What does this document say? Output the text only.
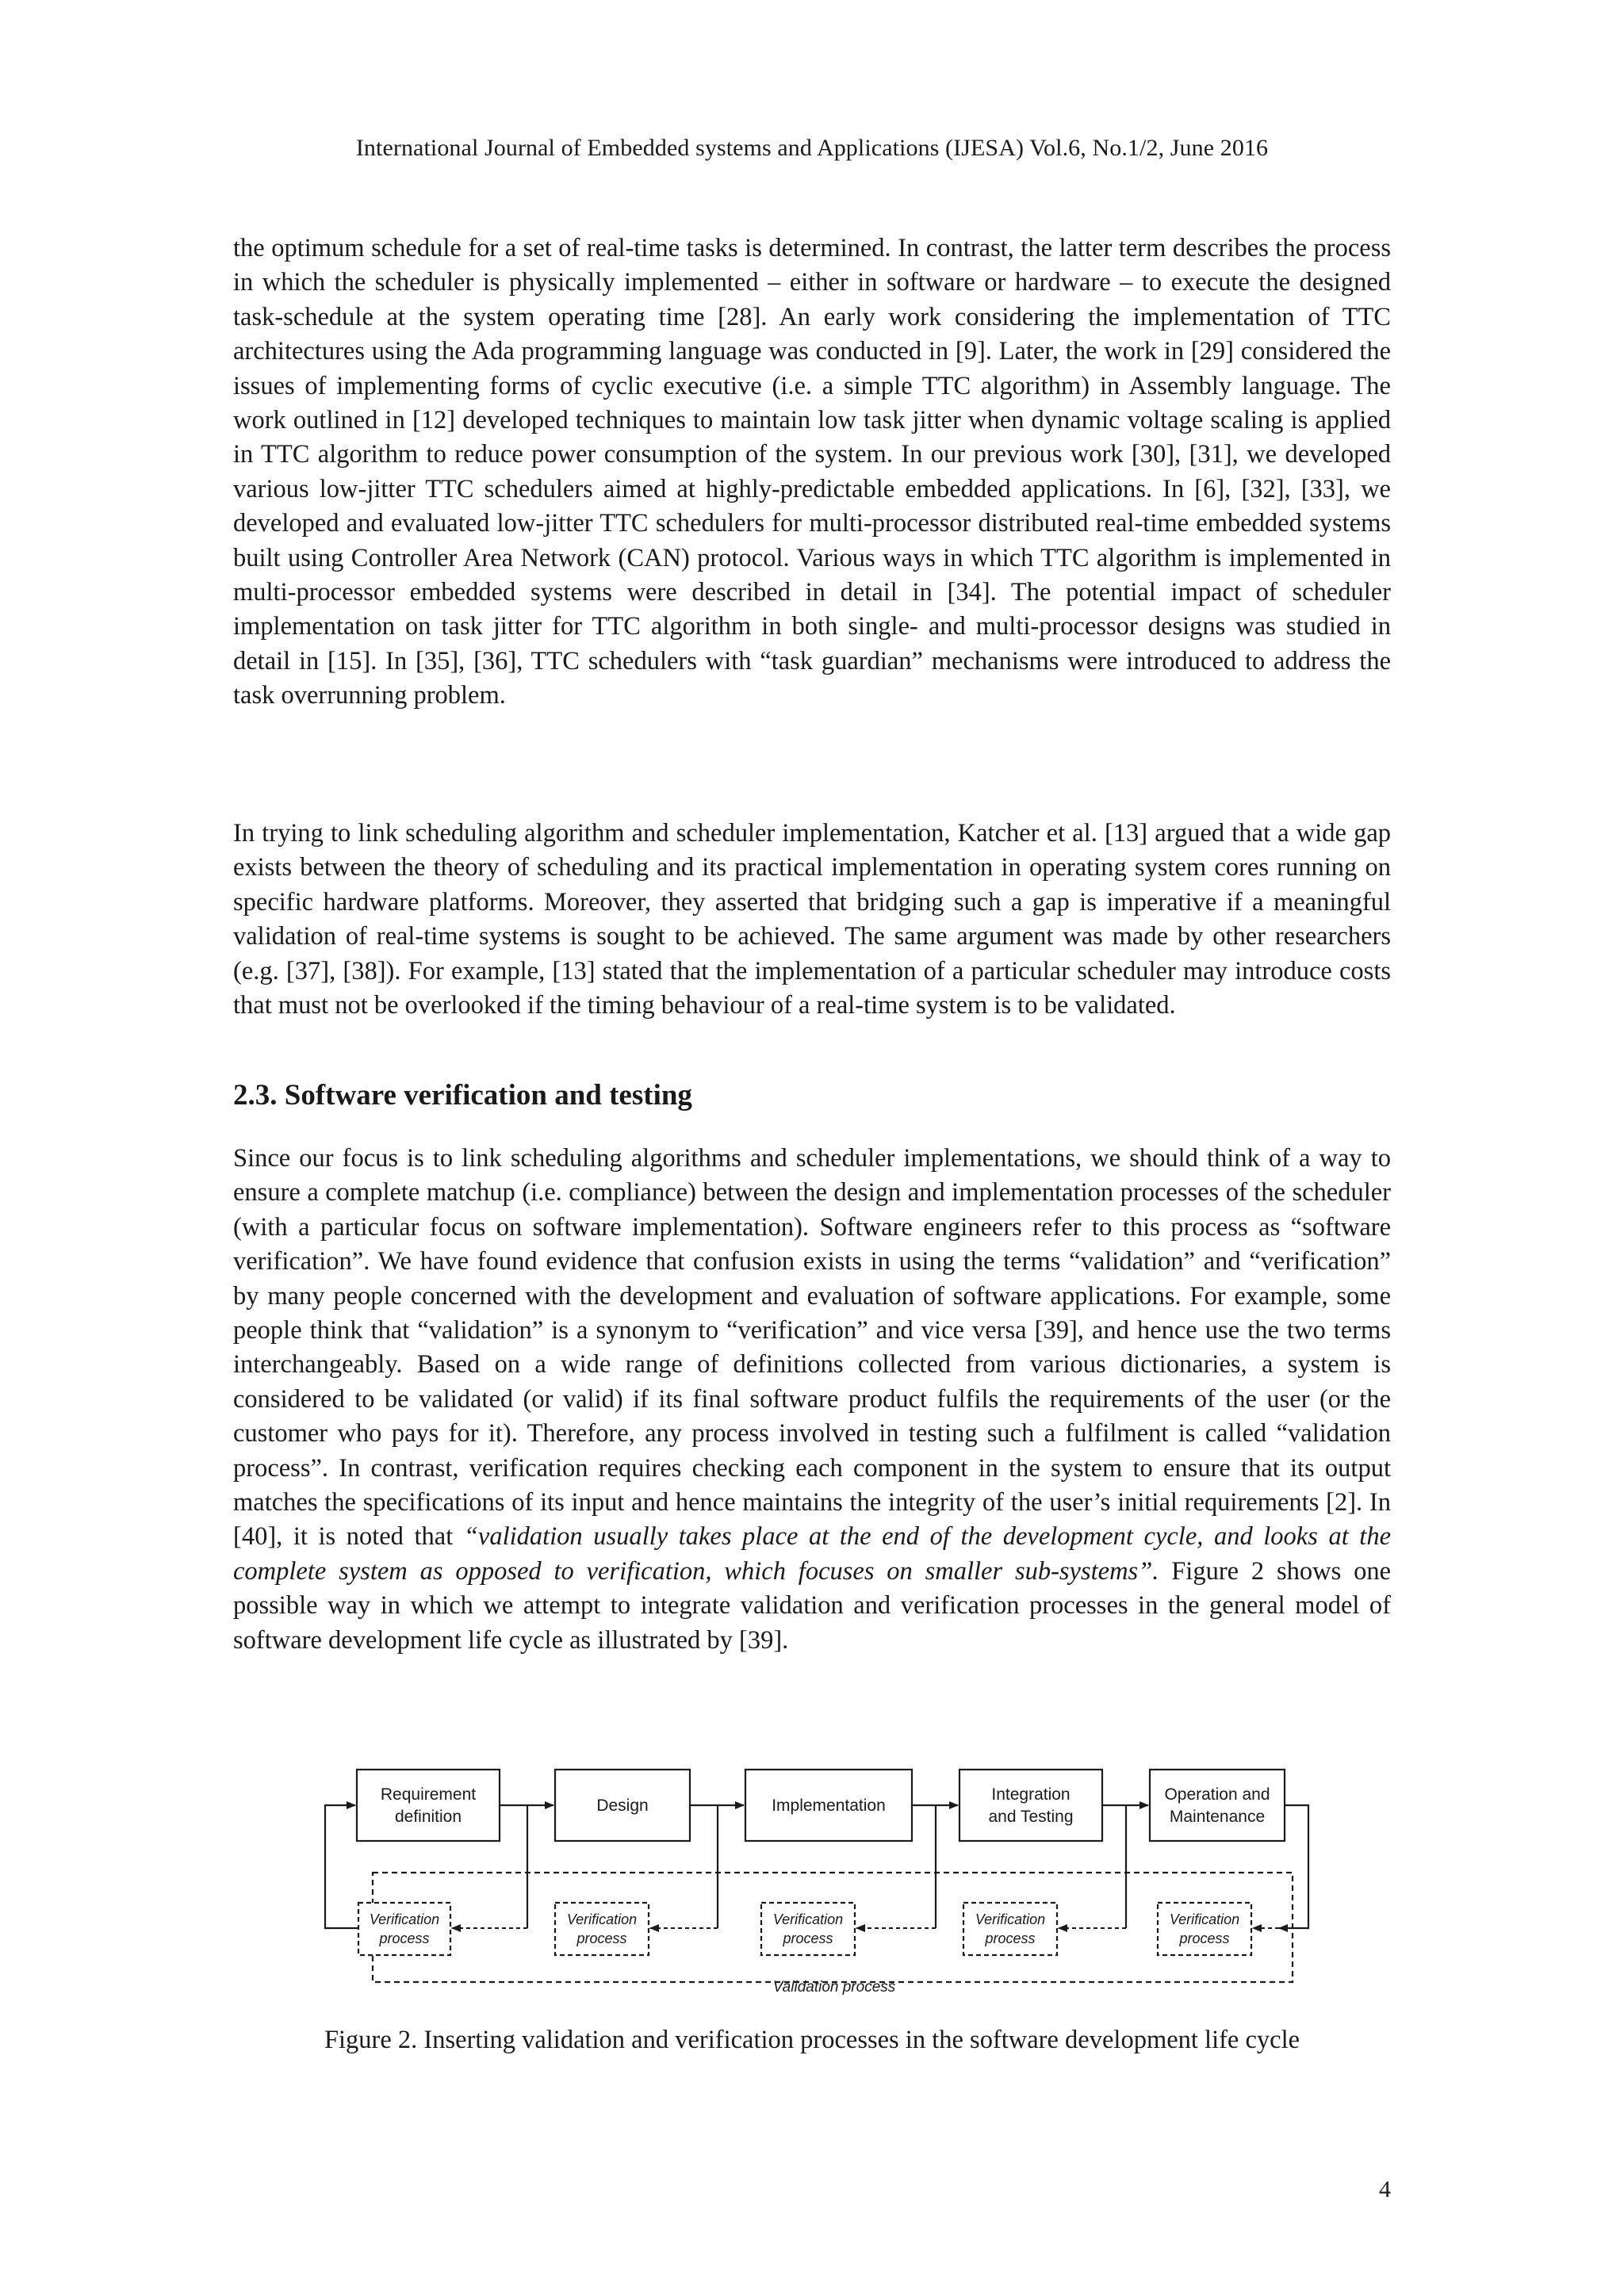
International Journal of Embedded systems and Applications (IJESA) Vol.6, No.1/2, June 2016

the optimum schedule for a set of real-time tasks is determined. In contrast, the latter term describes the process in which the scheduler is physically implemented – either in software or hardware – to execute the designed task-schedule at the system operating time [28]. An early work considering the implementation of TTC architectures using the Ada programming language was conducted in [9]. Later, the work in [29] considered the issues of implementing forms of cyclic executive (i.e. a simple TTC algorithm) in Assembly language. The work outlined in [12] developed techniques to maintain low task jitter when dynamic voltage scaling is applied in TTC algorithm to reduce power consumption of the system. In our previous work [30], [31], we developed various low-jitter TTC schedulers aimed at highly-predictable embedded applications. In [6], [32], [33], we developed and evaluated low-jitter TTC schedulers for multi-processor distributed real-time embedded systems built using Controller Area Network (CAN) protocol. Various ways in which TTC algorithm is implemented in multi-processor embedded systems were described in detail in [34]. The potential impact of scheduler implementation on task jitter for TTC algorithm in both single- and multi-processor designs was studied in detail in [15]. In [35], [36], TTC schedulers with “task guardian” mechanisms were introduced to address the task overrunning problem.

In trying to link scheduling algorithm and scheduler implementation, Katcher et al. [13] argued that a wide gap exists between the theory of scheduling and its practical implementation in operating system cores running on specific hardware platforms. Moreover, they asserted that bridging such a gap is imperative if a meaningful validation of real-time systems is sought to be achieved. The same argument was made by other researchers (e.g. [37], [38]). For example, [13] stated that the implementation of a particular scheduler may introduce costs that must not be overlooked if the timing behaviour of a real-time system is to be validated.

2.3. Software verification and testing

Since our focus is to link scheduling algorithms and scheduler implementations, we should think of a way to ensure a complete matchup (i.e. compliance) between the design and implementation processes of the scheduler (with a particular focus on software implementation). Software engineers refer to this process as “software verification”. We have found evidence that confusion exists in using the terms “validation” and “verification” by many people concerned with the development and evaluation of software applications. For example, some people think that “validation” is a synonym to “verification” and vice versa [39], and hence use the two terms interchangeably. Based on a wide range of definitions collected from various dictionaries, a system is considered to be validated (or valid) if its final software product fulfils the requirements of the user (or the customer who pays for it). Therefore, any process involved in testing such a fulfilment is called “validation process”. In contrast, verification requires checking each component in the system to ensure that its output matches the specifications of its input and hence maintains the integrity of the user’s initial requirements [2]. In [40], it is noted that “validation usually takes place at the end of the development cycle, and looks at the complete system as opposed to verification, which focuses on smaller sub-systems”. Figure 2 shows one possible way in which we attempt to integrate validation and verification processes in the general model of software development life cycle as illustrated by [39].

Validation process
Requirement
definition
Design	Implementation
Integration
and Testing
Operation and
Maintenance
Verification
process
Verification
process
Verification
process
Verification
process
Verification
process

Figure 2. Inserting validation and verification processes in the software development life cycle

4
